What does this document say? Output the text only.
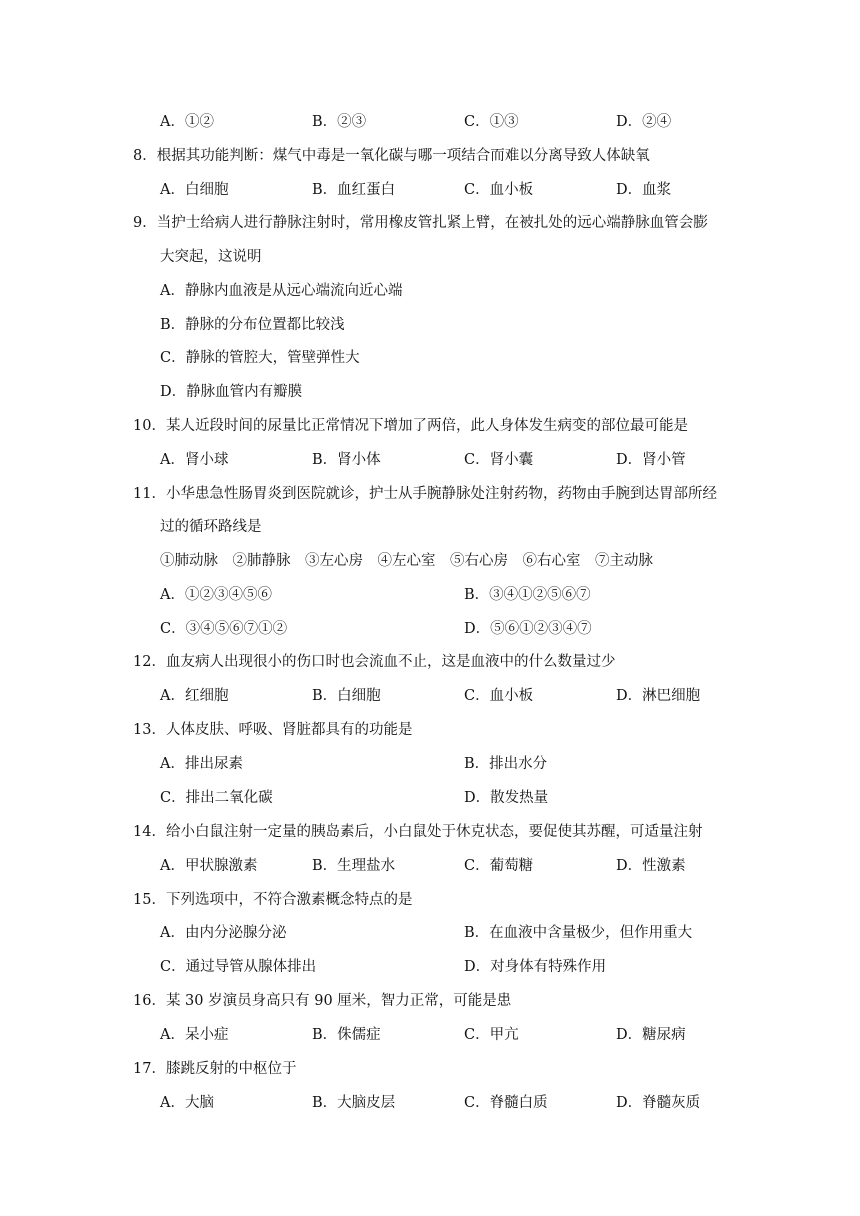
A．①②	B．②③	C．①③	D．②④
8．根据其功能判断：煤气中毒是一氧化碳与哪一项结合而难以分离导致人体缺氧
A．白细胞	B．血红蛋白	C．血小板	D．血浆
9．当护士给病人进行静脉注射时，常用橡皮管扎紧上臂，在被扎处的远心端静脉血管会膨
大突起，这说明
A．静脉内血液是从远心端流向近心端
B．静脉的分布位置都比较浅
C．静脉的管腔大，管壁弹性大
D．静脉血管内有瓣膜
10．某人近段时间的尿量比正常情况下增加了两倍，此人身体发生病变的部位最可能是
A．肾小球	B．肾小体	C．肾小囊	D．肾小管
11．小华患急性肠胃炎到医院就诊，护士从手腕静脉处注射药物，药物由手腕到达胃部所经
过的循环路线是
①肺动脉　②肺静脉　③左心房　④左心室　⑤右心房　⑥右心室　⑦主动脉
A．①②③④⑤⑥	B．③④①②⑤⑥⑦
C．③④⑤⑥⑦①②	D．⑤⑥①②③④⑦
12．血友病人出现很小的伤口时也会流血不止，这是血液中的什么数量过少
A．红细胞	B．白细胞	C．血小板	D．淋巴细胞
13．人体皮肤、呼吸、肾脏都具有的功能是
A．排出尿素	B．排出水分
C．排出二氧化碳	D．散发热量
14．给小白鼠注射一定量的胰岛素后，小白鼠处于休克状态，要促使其苏醒，可适量注射
A．甲状腺激素	B．生理盐水	C．葡萄糖	D．性激素
15．下列选项中，不符合激素概念特点的是
A．由内分泌腺分泌	B．在血液中含量极少，但作用重大
C．通过导管从腺体排出	D．对身体有特殊作用
16．某 30 岁演员身高只有 90 厘米，智力正常，可能是患
A．呆小症	B．侏儒症	C．甲亢	D．糖尿病
17．膝跳反射的中枢位于
A．大脑	B．大脑皮层	C．脊髓白质	D．脊髓灰质
